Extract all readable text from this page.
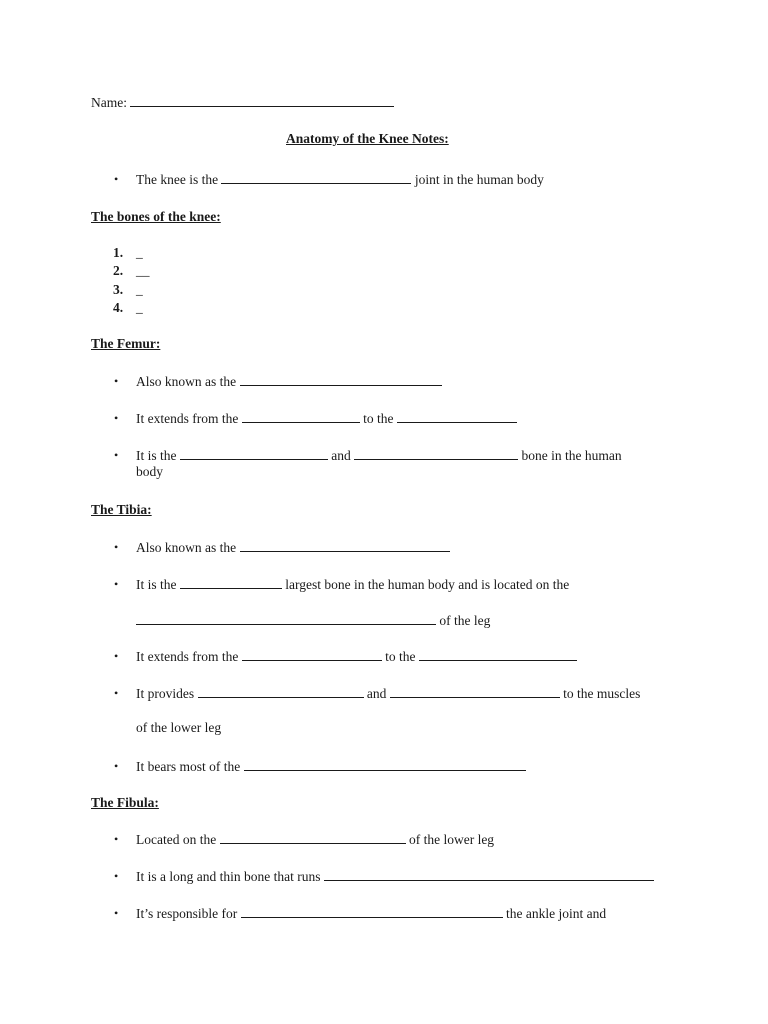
Name:
Anatomy of the Knee Notes:
• The knee is the	joint in the human body
The bones of the knee:
1. _
2. __
3. _
4. _
The Femur:
• Also known as the
• It extends from the	to the
• It is the	and	bone in the human
body
The Tibia:
• Also known as the
• It is the	largest bone in the human body and is located on the
of the leg
• It extends from the	to the
• It provides	and	to the muscles
of the lower leg
• It bears most of the
The Fibula:
• Located on the	of the lower leg
• It is a long and thin bone that runs
• It’s responsible for	the ankle joint and
